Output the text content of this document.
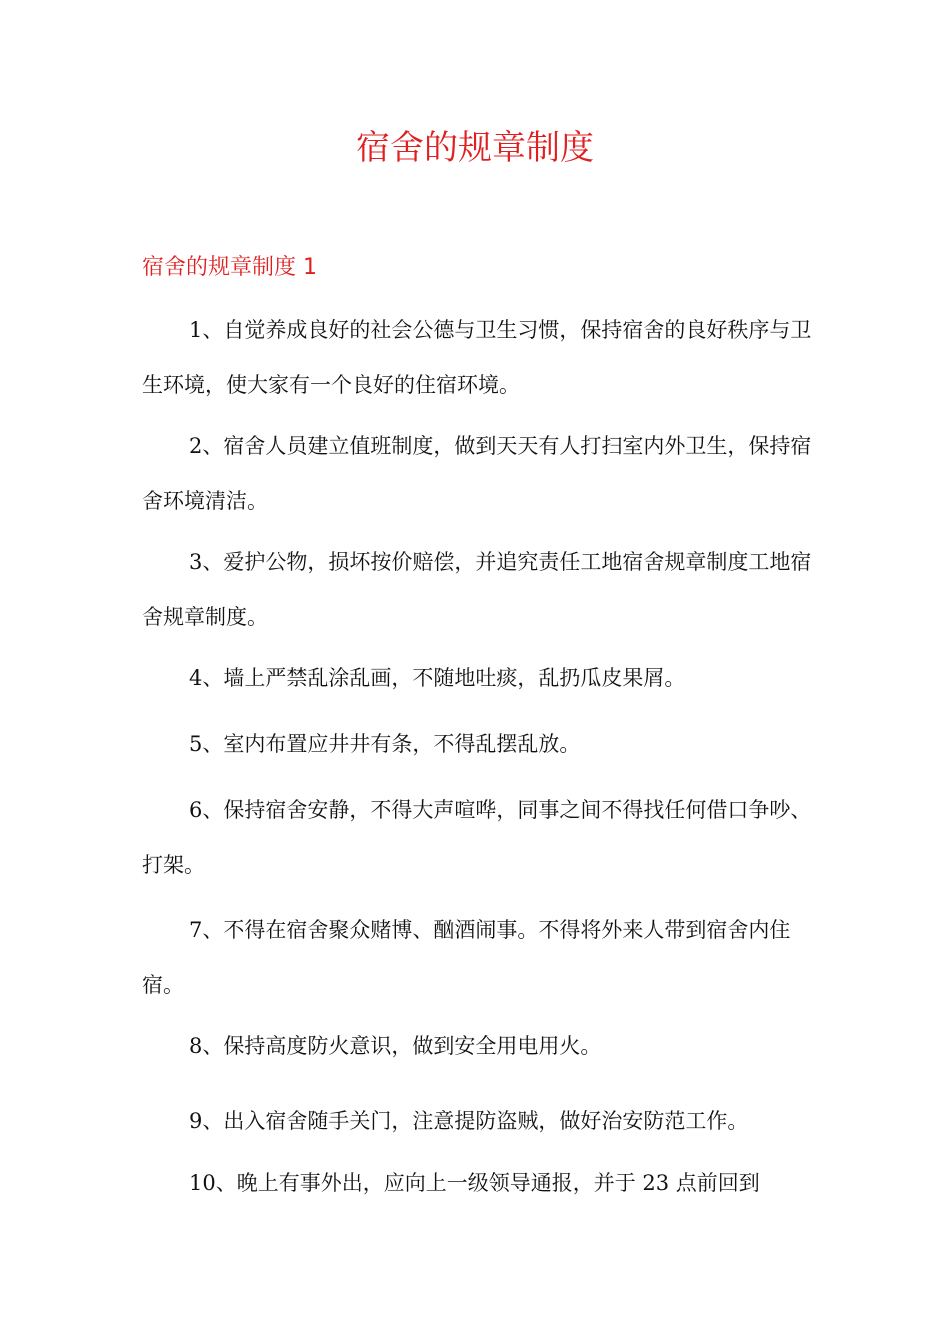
宿舍的规章制度
宿舍的规章制度 1

1、自觉养成良好的社会公德与卫生习惯，保持宿舍的良好秩序与卫生环境，使大家有一个良好的住宿环境。

2、宿舍人员建立值班制度，做到天天有人打扫室内外卫生，保持宿舍环境清洁。

3、爱护公物，损坏按价赔偿，并追究责任工地宿舍规章制度工地宿舍规章制度。

4、墙上严禁乱涂乱画，不随地吐痰，乱扔瓜皮果屑。

5、室内布置应井井有条，不得乱摆乱放。

6、保持宿舍安静，不得大声喧哗，同事之间不得找任何借口争吵、打架。

7、不得在宿舍聚众赌博、酗酒闹事。不得将外来人带到宿舍内住宿。

8、保持高度防火意识，做到安全用电用火。

9、出入宿舍随手关门，注意提防盗贼，做好治安防范工作。

10、晚上有事外出，应向上一级领导通报，并于 23 点前回到
